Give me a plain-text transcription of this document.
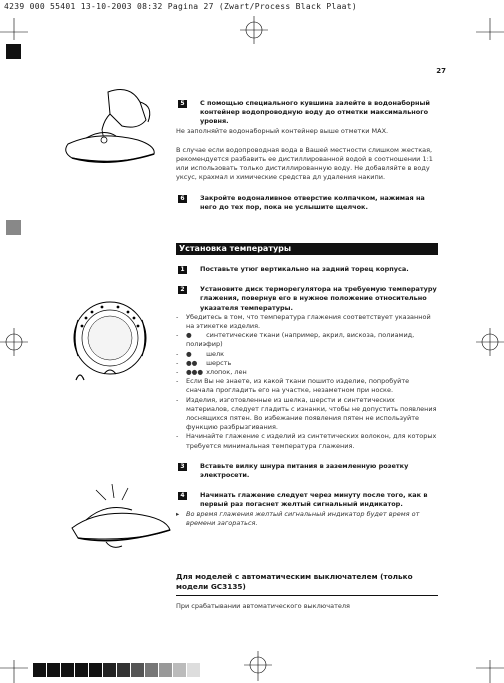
4239 000 55401 13-10-2003 08:32 Pagina 27 (Zwart/Process Black Plaat)
27
5	С помощью специального кувшина залейте в водонаборный контейнер водопроводную воду до отметки максимального уровня.
Не заполняйте водонаборный контейнер выше отметки MAX.
В случае если водопроводная вода в Вашей местности слишком жесткая, рекомендуется разбавить ее дистиллированной водой в соотношении 1:1 или использовать только дистиллированную воду. Не добавляйте в воду уксус, крахмал и химические средства дл удаления накипи.
6	Закройте водоналивное отверстие колпачком, нажимая на него до тех пор, пока не услышите щелчок.
Установка температуры
1	Поставьте утюг вертикально на задний торец корпуса.
2	Установите диск терморегулятора на требуемую температуру глажения, повернув его в нужное положение относительно указателя температуры.
- Убедитесь в том, что температура глажения соответствует указанной на этикетке изделия.
- ● синтетические ткани (например, акрил, вискоза, полиамид, полиэфир)
- ● шелк
- ●● шерсть
- ●●● хлопок, лен
- Если Вы не знаете, из какой ткани пошито изделие, попробуйте сначала прогладить его на участке, незаметном при носке.
- Изделия, изготовленные из шелка, шерсти и синтетических материалов, следует гладить с изнанки, чтобы не допустить появления лоснящихся пятен. Во избежание появления пятен не используйте функцию разбрызгивания.
- Начинайте глажение с изделий из синтетических волокон, для которых требуется минимальная температура глажения.
3	Вставьте вилку шнура питания в заземленную розетку электросети.
4	Начинать глажение следует через минуту после того, как в первый раз погаснет желтый сигнальный индикатор.
▸ Во время глажения желтый сигнальный индикатор будет время от времени загораться.
Для моделей с автоматическим выключателем (только модели GC3135)
При срабатывании автоматического выключателя
